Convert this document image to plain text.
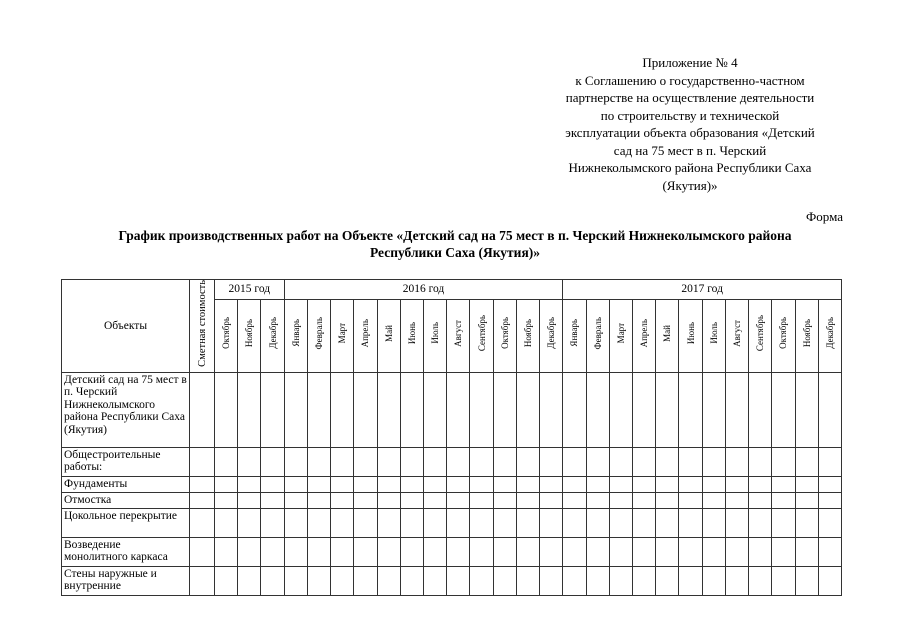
Приложение № 4
к Соглашению о государственно-частном
партнерстве на осуществление деятельности
по строительству и технической
эксплуатации объекта образования «Детский
сад на 75 мест в п. Черский
Нижнеколымского района Республики Саха
(Якутия)»
Форма
График производственных работ на Объекте «Детский сад на 75 мест в п. Черский Нижнеколымского района
Республики Саха (Якутия)»
Объекты	Сметная стоимость	2015 год			2016 год												2017 год											
		Октябрь	Ноябрь	Декабрь	Январь	Февраль	Март	Апрель	Май	Июнь	Июль	Август	Сентябрь	Октябрь	Ноябрь	Декабрь	Январь	Февраль	Март	Апрель	Май	Июнь	Июль	Август	Сентябрь	Октябрь	Ноябрь	Декабрь
Детский сад на 75 мест в п. Черский Нижнеколымского района Республики Саха (Якутия)																												
Общестроительные работы:																												
Фундаменты																												
Отмостка																												
Цокольное перекрытие																												
Возведение монолитного каркаса																												
Стены наружные и внутренние																												
